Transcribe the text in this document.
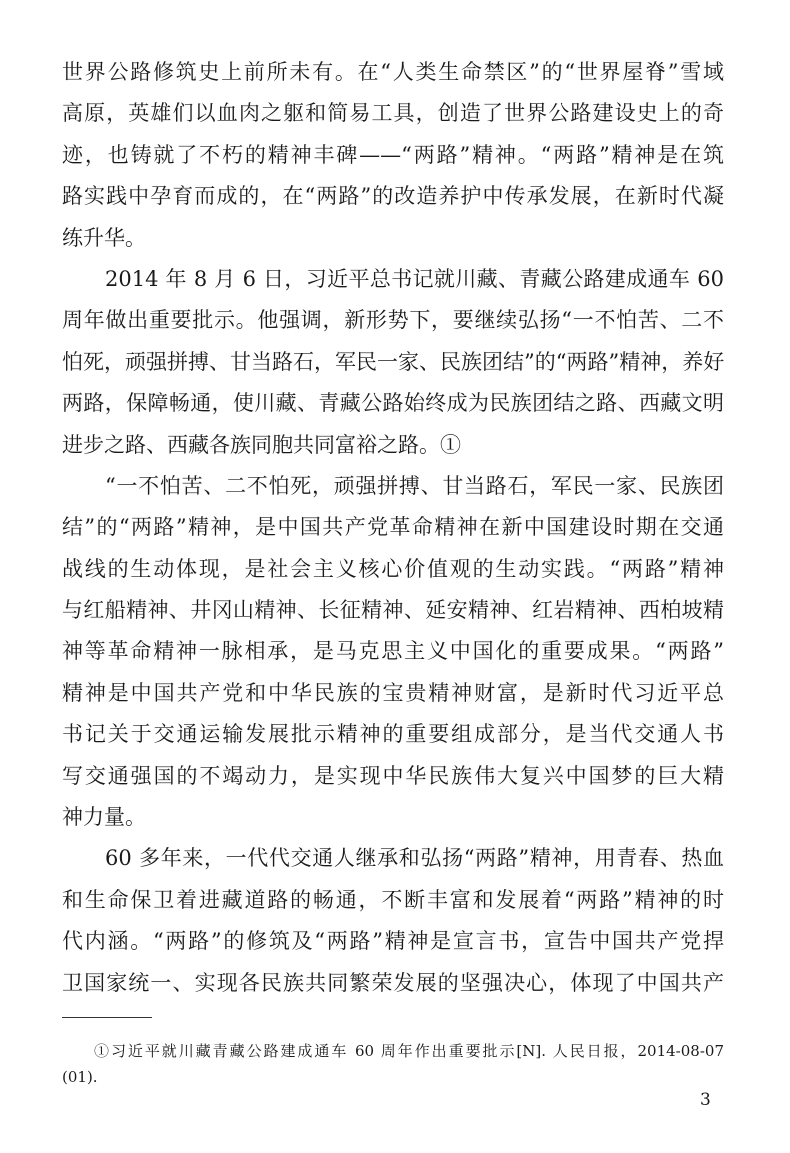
世界公路修筑史上前所未有。在“人类生命禁区”的“世界屋脊”雪域
高原，英雄们以血肉之躯和简易工具，创造了世界公路建设史上的奇
迹，也铸就了不朽的精神丰碑——“两路”精神。“两路”精神是在筑
路实践中孕育而成的，在“两路”的改造养护中传承发展，在新时代凝
练升华。
2014 年 8 月 6 日，习近平总书记就川藏、青藏公路建成通车 60
周年做出重要批示。他强调，新形势下，要继续弘扬“一不怕苦、二不
怕死，顽强拼搏、甘当路石，军民一家、民族团结”的“两路”精神，养好
两路，保障畅通，使川藏、青藏公路始终成为民族团结之路、西藏文明
进步之路、西藏各族同胞共同富裕之路。①
“一不怕苦、二不怕死，顽强拼搏、甘当路石，军民一家、民族团
结”的“两路”精神，是中国共产党革命精神在新中国建设时期在交通
战线的生动体现，是社会主义核心价值观的生动实践。“两路”精神
与红船精神、井冈山精神、长征精神、延安精神、红岩精神、西柏坡精
神等革命精神一脉相承，是马克思主义中国化的重要成果。“两路”
精神是中国共产党和中华民族的宝贵精神财富，是新时代习近平总
书记关于交通运输发展批示精神的重要组成部分，是当代交通人书
写交通强国的不竭动力，是实现中华民族伟大复兴中国梦的巨大精
神力量。
60 多年来，一代代交通人继承和弘扬“两路”精神，用青春、热血
和生命保卫着进藏道路的畅通，不断丰富和发展着“两路”精神的时
代内涵。“两路”的修筑及“两路”精神是宣言书，宣告中国共产党捍
卫国家统一、实现各民族共同繁荣发展的坚强决心，体现了中国共产
①习近平就川藏青藏公路建成通车 60 周年作出重要批示[N]. 人民日报，2014-08-07
(01).
3
